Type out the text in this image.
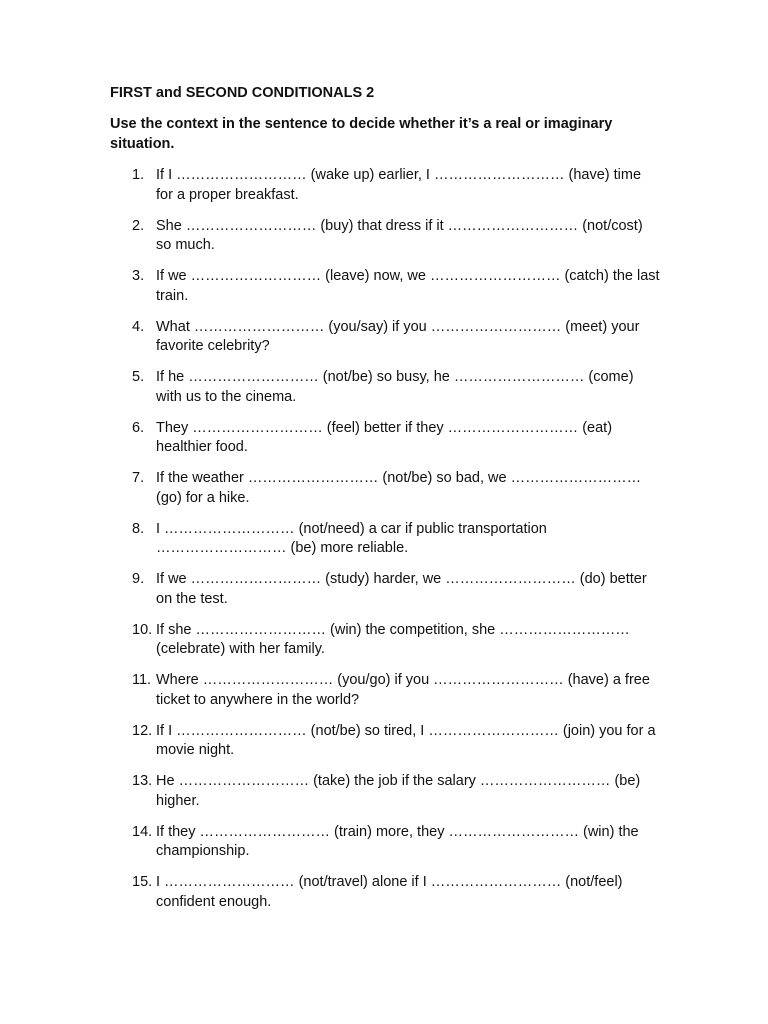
FIRST and SECOND CONDITIONALS 2
Use the context in the sentence to decide whether it’s a real or imaginary situation.
1. If I ……………………… (wake up) earlier, I ……………………… (have) time for a proper breakfast.
2. She ……………………… (buy) that dress if it ……………………… (not/cost) so much.
3. If we ……………………… (leave) now, we ……………………… (catch) the last train.
4. What ……………………… (you/say) if you ……………………… (meet) your favorite celebrity?
5. If he ……………………… (not/be) so busy, he ……………………… (come) with us to the cinema.
6. They ……………………… (feel) better if they ……………………… (eat) healthier food.
7. If the weather ……………………… (not/be) so bad, we ……………………… (go) for a hike.
8. I ……………………… (not/need) a car if public transportation ……………………… (be) more reliable.
9. If we ……………………… (study) harder, we ……………………… (do) better on the test.
10. If she ……………………… (win) the competition, she ……………………… (celebrate) with her family.
11. Where ……………………… (you/go) if you ……………………… (have) a free ticket to anywhere in the world?
12. If I ……………………… (not/be) so tired, I ……………………… (join) you for a movie night.
13. He ……………………… (take) the job if the salary ……………………… (be) higher.
14. If they ……………………… (train) more, they ……………………… (win) the championship.
15. I ……………………… (not/travel) alone if I ……………………… (not/feel) confident enough.
